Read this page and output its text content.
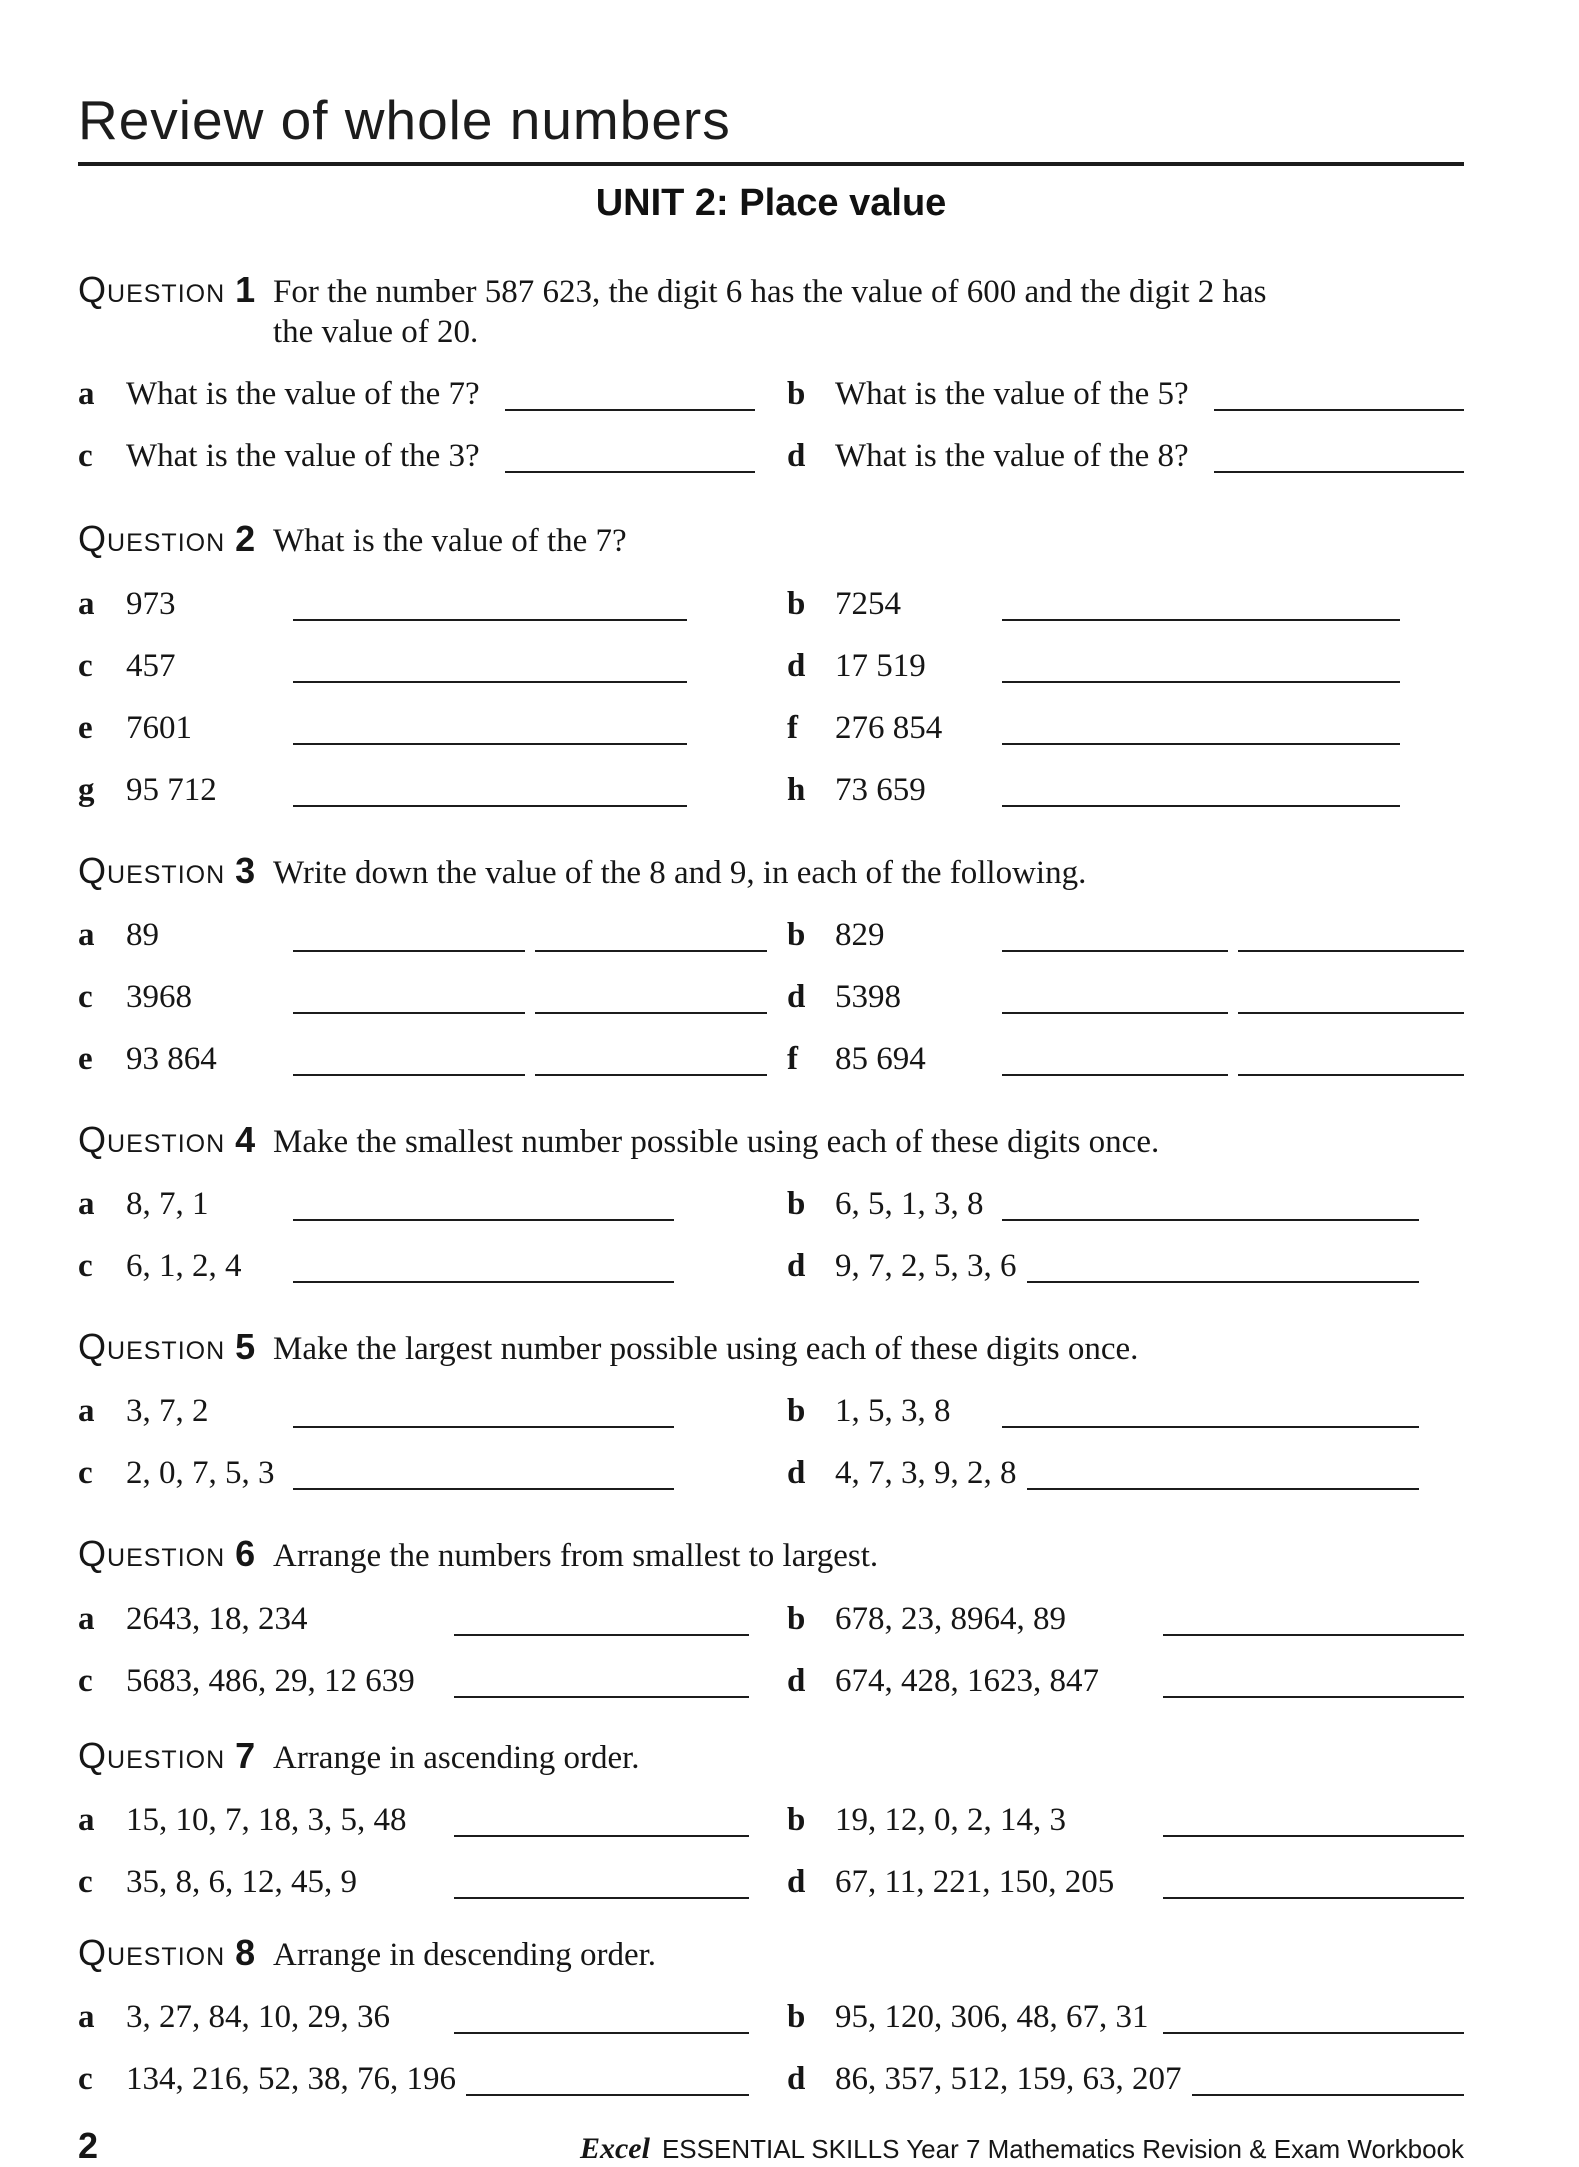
Review of whole numbers
UNIT 2: Place value
Question 1 For the number 587 623, the digit 6 has the value of 600 and the digit 2 has
the value of 20.
a What is the value of the 7?	b What is the value of the 5?
c	What is the value of the 3?	d What is the value of the 8?
Question 2 What is the value of the 7?
a 973	b 7254
c	457	d 17 519
e	7601	f	276 854
g 95 712	h 73 659
Question 3 Write down the value of the 8 and 9, in each of the following.
a 89	b 829
c	3968	d 5398
e	93 864	f	85 694
Question 4 Make the smallest number possible using each of these digits once.
a 8, 7, 1	b 6, 5, 1, 3, 8
c	6, 1, 2, 4	d 9, 7, 2, 5, 3, 6
Question 5 Make the largest number possible using each of these digits once.
a 3, 7, 2	b 1, 5, 3, 8
c	2, 0, 7, 5, 3	d 4, 7, 3, 9, 2, 8
Question 6 Arrange the numbers from smallest to largest.
a 2643, 18, 234	b 678, 23, 8964, 89
c	5683, 486, 29, 12 639	d 674, 428, 1623, 847
Question 7 Arrange in ascending order.
a 15, 10, 7, 18, 3, 5, 48	b 19, 12, 0, 2, 14, 3
c	35, 8, 6, 12, 45, 9	d 67, 11, 221, 150, 205
Question 8 Arrange in descending order.
a 3, 27, 84, 10, 29, 36	b 95, 120, 306, 48, 67, 31
c	134, 216, 52, 38, 76, 196	d 86, 357, 512, 159, 63, 207
2	Excel ESSENTIAL SKILLS Year 7 Mathematics Revision & Exam Workbook
